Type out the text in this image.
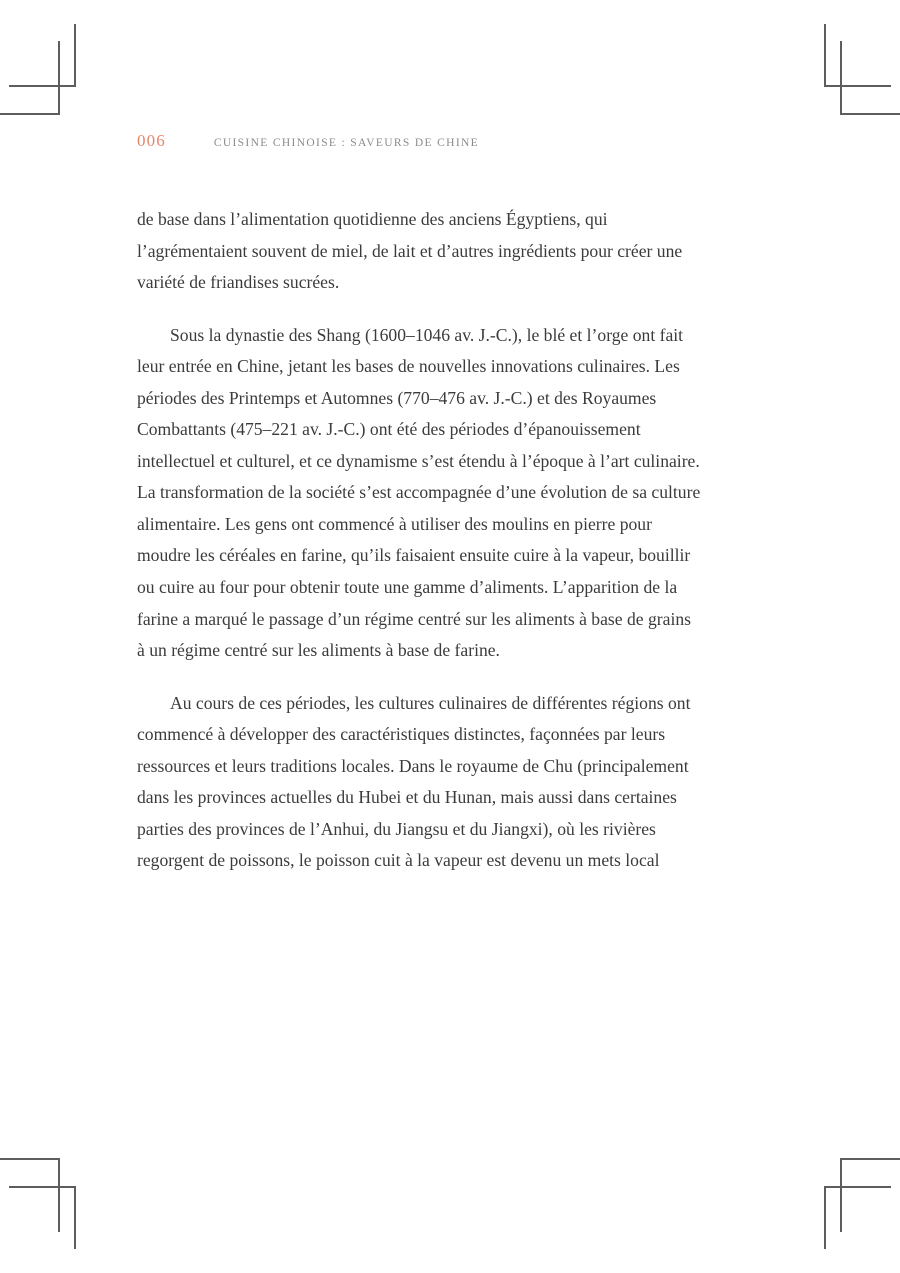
006	CUISINE CHINOISE : SAVEURS DE CHINE

de base dans l’alimentation quotidienne des anciens Égyptiens, qui l’agrémentaient souvent de miel, de lait et d’autres ingrédients pour créer une variété de friandises sucrées.

Sous la dynastie des Shang (1600–1046 av. J.-C.), le blé et l’orge ont fait leur entrée en Chine, jetant les bases de nouvelles innovations culinaires. Les périodes des Printemps et Automnes (770–476 av. J.-C.) et des Royaumes Combattants (475–221 av. J.-C.) ont été des périodes d’épanouissement intellectuel et culturel, et ce dynamisme s’est étendu à l’époque à l’art culinaire. La transformation de la société s’est accompagnée d’une évolution de sa culture alimentaire. Les gens ont commencé à utiliser des moulins en pierre pour moudre les céréales en farine, qu’ils faisaient ensuite cuire à la vapeur, bouillir ou cuire au four pour obtenir toute une gamme d’aliments. L’apparition de la farine a marqué le passage d’un régime centré sur les aliments à base de grains à un régime centré sur les aliments à base de farine.

Au cours de ces périodes, les cultures culinaires de différentes régions ont commencé à développer des caractéristiques distinctes, façonnées par leurs ressources et leurs traditions locales. Dans le royaume de Chu (principalement dans les provinces actuelles du Hubei et du Hunan, mais aussi dans certaines parties des provinces de l’Anhui, du Jiangsu et du Jiangxi), où les rivières regorgent de poissons, le poisson cuit à la vapeur est devenu un mets local
